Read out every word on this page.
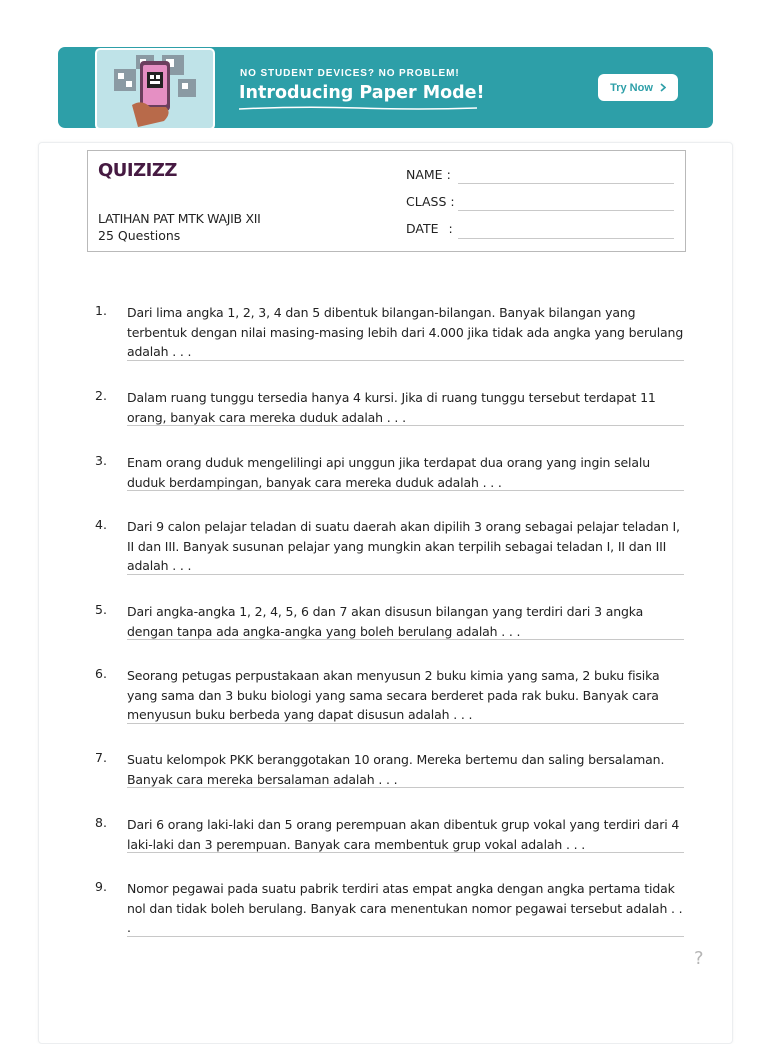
NO STUDENT DEVICES? NO PROBLEM!
Introducing Paper Mode!	Try Now
QUIZIZZ
LATIHAN PAT MTK WAJIB XII
25 Questions
NAME :
CLASS :
DATE :
1. Dari lima angka 1, 2, 3, 4 dan 5 dibentuk bilangan-bilangan. Banyak bilangan yang terbentuk dengan nilai masing-masing lebih dari 4.000 jika tidak ada angka yang berulang adalah . . .
2. Dalam ruang tunggu tersedia hanya 4 kursi. Jika di ruang tunggu tersebut terdapat 11 orang, banyak cara mereka duduk adalah . . .
3. Enam orang duduk mengelilingi api unggun jika terdapat dua orang yang ingin selalu duduk berdampingan, banyak cara mereka duduk adalah . . .
4. Dari 9 calon pelajar teladan di suatu daerah akan dipilih 3 orang sebagai pelajar teladan I, II dan III. Banyak susunan pelajar yang mungkin akan terpilih sebagai teladan I, II dan III adalah . . .
5. Dari angka-angka 1, 2, 4, 5, 6 dan 7 akan disusun bilangan yang terdiri dari 3 angka dengan tanpa ada angka-angka yang boleh berulang adalah . . .
6. Seorang petugas perpustakaan akan menyusun 2 buku kimia yang sama, 2 buku fisika yang sama dan 3 buku biologi yang sama secara berderet pada rak buku. Banyak cara menyusun buku berbeda yang dapat disusun adalah . . .
7. Suatu kelompok PKK beranggotakan 10 orang. Mereka bertemu dan saling bersalaman. Banyak cara mereka bersalaman adalah . . .
8. Dari 6 orang laki-laki dan 5 orang perempuan akan dibentuk grup vokal yang terdiri dari 4 laki-laki dan 3 perempuan. Banyak cara membentuk grup vokal adalah . . .
9. Nomor pegawai pada suatu pabrik terdiri atas empat angka dengan angka pertama tidak nol dan tidak boleh berulang. Banyak cara menentukan nomor pegawai tersebut adalah . . .
?
